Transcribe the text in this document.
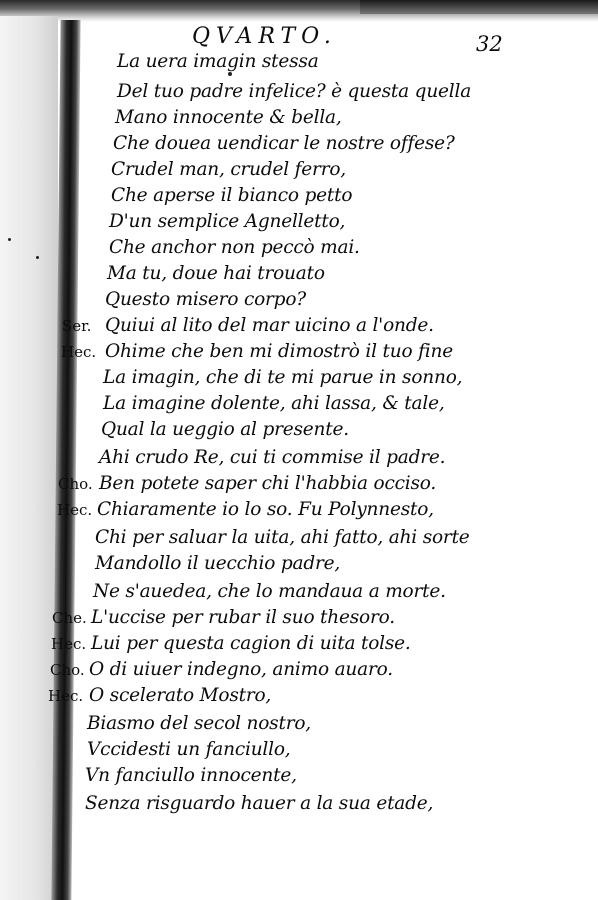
QVARTO.	32
La uera imagin stessa
Del tuo padre infelice? è questa quella
Mano innocente & bella,
Che douea uendicar le nostre offese?
Crudel man, crudel ferro,
Che aperse il bianco petto
D'un semplice Agnelletto,
Che anchor non peccò mai.
Ma tu, doue hai trouato
Questo misero corpo?
Ser. Quiui al lito del mar uicino a l'onde.
Hec. Ohime che ben mi dimostrò il tuo fine
La imagin, che di te mi parue in sonno,
La imagine dolente, ahi lassa, & tale,
Qual la ueggio al presente.
Ahi crudo Re, cui ti commise il padre.
Cho. Ben potete saper chi l'habbia occiso.
Hec. Chiaramente io lo so. Fu Polynnesto,
Chi per saluar la uita, ahi fatto, ahi sorte
Mandollo il uecchio padre,
Ne s'auedea, che lo mandaua a morte.
Che. L'uccise per rubar il suo thesoro.
Hec. Lui per questa cagion di uita tolse.
Cho. O di uiuer indegno, animo auaro.
Hec. O scelerato Mostro,
Biasmo del secol nostro,
Vccidesti un fanciullo,
Vn fanciullo innocente,
Senza risguardo hauer a la sua etade,
